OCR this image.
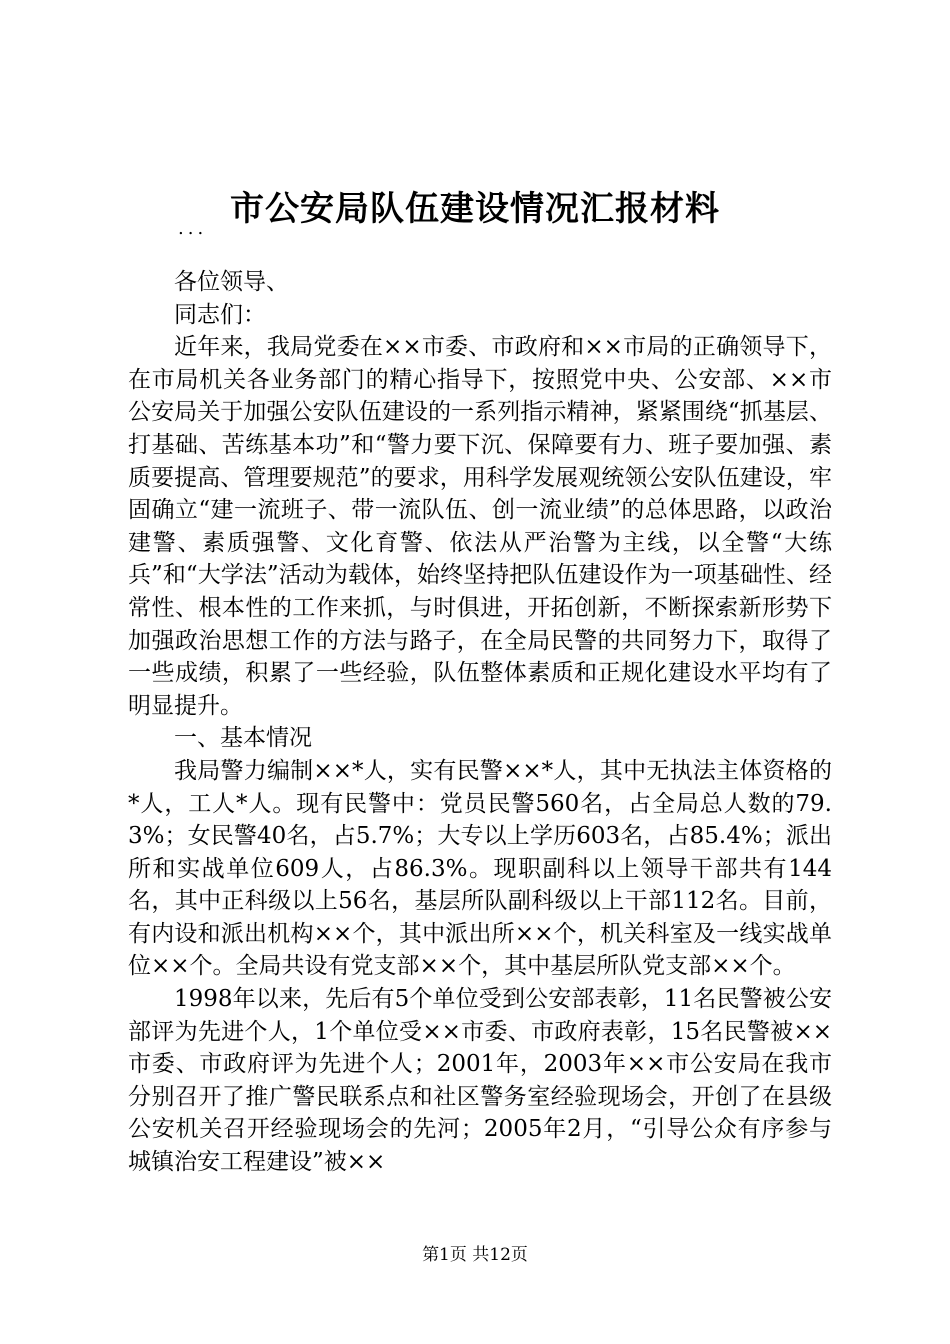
市公安局队伍建设情况汇报材料
...

各位领导、

同志们：

近年来，我局党委在××市委、市政府和××市局的正确领导下，在市局机关各业务部门的精心指导下，按照党中央、公安部、××市公安局关于加强公安队伍建设的一系列指示精神，紧紧围绕“抓基层、打基础、苦练基本功”和“警力要下沉、保障要有力、班子要加强、素质要提高、管理要规范”的要求，用科学发展观统领公安队伍建设，牢固确立“建一流班子、带一流队伍、创一流业绩”的总体思路，以政治建警、素质强警、文化育警、依法从严治警为主线，以全警“大练兵”和“大学法”活动为载体，始终坚持把队伍建设作为一项基础性、经常性、根本性的工作来抓，与时俱进，开拓创新，不断探索新形势下加强政治思想工作的方法与路子，在全局民警的共同努力下，取得了一些成绩，积累了一些经验，队伍整体素质和正规化建设水平均有了明显提升。

一、基本情况

我局警力编制××*人，实有民警××*人，其中无执法主体资格的*人，工人*人。现有民警中：党员民警560名，占全局总人数的79.3%；女民警40名，占5.7%；大专以上学历603名，占85.4%；派出所和实战单位609人，占86.3%。现职副科以上领导干部共有144名，其中正科级以上56名，基层所队副科级以上干部112名。目前，有内设和派出机构××个，其中派出所××个，机关科室及一线实战单位××个。全局共设有党支部××个，其中基层所队党支部××个。

1998年以来，先后有5个单位受到公安部表彰，11名民警被公安部评为先进个人，1个单位受××市委、市政府表彰，15名民警被××市委、市政府评为先进个人；2001年，2003年××市公安局在我市分别召开了推广警民联系点和社区警务室经验现场会，开创了在县级公安机关召开经验现场会的先河；2005年2月，“引导公众有序参与城镇治安工程建设”被××

第1页 共12页
